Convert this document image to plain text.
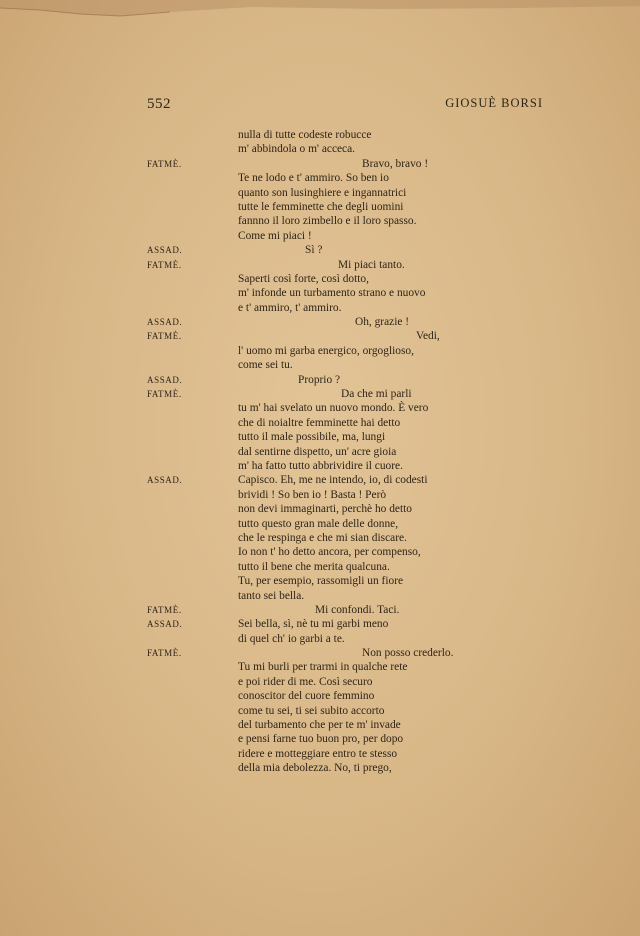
552	GIOSUÈ BORSI
nulla di tutte codeste robucce
m' abbindola o m' acceca.
FATMÈ.	Bravo, bravo !
Te ne lodo e t' ammiro. So ben io
quanto son lusinghiere e ingannatrici
tutte le femminette che degli uomini
fannno il loro zimbello e il loro spasso.
Come mi piaci !
ASSAD.	Sì ?
FATMÈ.	Mi piaci tanto.
Saperti così forte, così dotto,
m' infonde un turbamento strano e nuovo
e t' ammiro, t' ammiro.
ASSAD.	Oh, grazie !
FATMÈ.	Vedi,
l' uomo mi garba energico, orgoglioso,
come sei tu.
ASSAD.	Proprio ?
FATMÈ.	Da che mi parli
tu m' hai svelato un nuovo mondo. È vero
che di noialtre femminette hai detto
tutto il male possibile, ma, lungi
dal sentirne dispetto, un' acre gioia
m' ha fatto tutto abbrividire il cuore.
ASSAD.	Capisco. Eh, me ne intendo, io, di codesti
brividi ! So ben io ! Basta ! Però
non devi immaginarti, perchè ho detto
tutto questo gran male delle donne,
che le respinga e che mi sian discare.
Io non t' ho detto ancora, per compenso,
tutto il bene che merita qualcuna.
Tu, per esempio, rassomigli un fiore
tanto sei bella.
FATMÈ.	Mi confondi. Taci.
ASSAD.	Sei bella, sì, nè tu mi garbi meno
di quel ch' io garbi a te.
FATMÈ.	Non posso crederlo.
Tu mi burli per trarmi in qualche rete
e poi rider di me. Così securo
conoscitor del cuore femmino
come tu sei, ti sei subito accorto
del turbamento che per te m' invade
e pensi farne tuo buon pro, per dopo
ridere e motteggiare entro te stesso
della mia debolezza. No, ti prego,
